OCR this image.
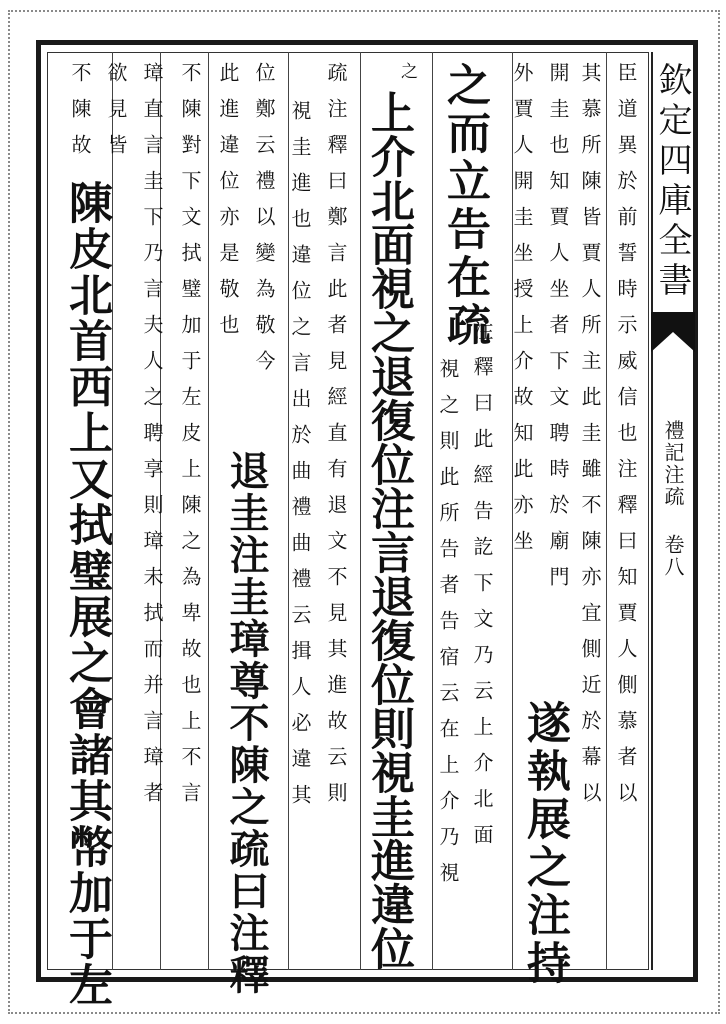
欽定四庫全書
禮記注疏 卷八
臣道異於前誓時示威信也注釋曰知賈人側慕者以
其慕所陳皆賈人所主此圭雖不陳亦宜側近於幕以
開圭也知賈人坐者下文聘時於廟門
外賈人開圭坐授上介故知此亦坐
遂執展之注持
之而立告在疏
注釋曰此經告訖下文乃云上介北面
視之則此所告者告宿云在上介乃視
之
上介北面視之退復位注言退復位則視圭進違位
疏注釋曰鄭言此者見經直有退文不見其進故云則
視圭進也違位之言出於曲禮曲禮云揖人必違其
位鄭云禮以變為敬今
此進違位亦是敬也
退圭注圭璋尊不陳之疏曰注釋
不陳對下文拭璧加于左皮上陳之為卑故也上不言
璋直言圭下乃言夫人之聘享則璋未拭而并言璋者
欲見皆
不陳故
陳皮北首西上又拭璧展之會諸其幣加于左
